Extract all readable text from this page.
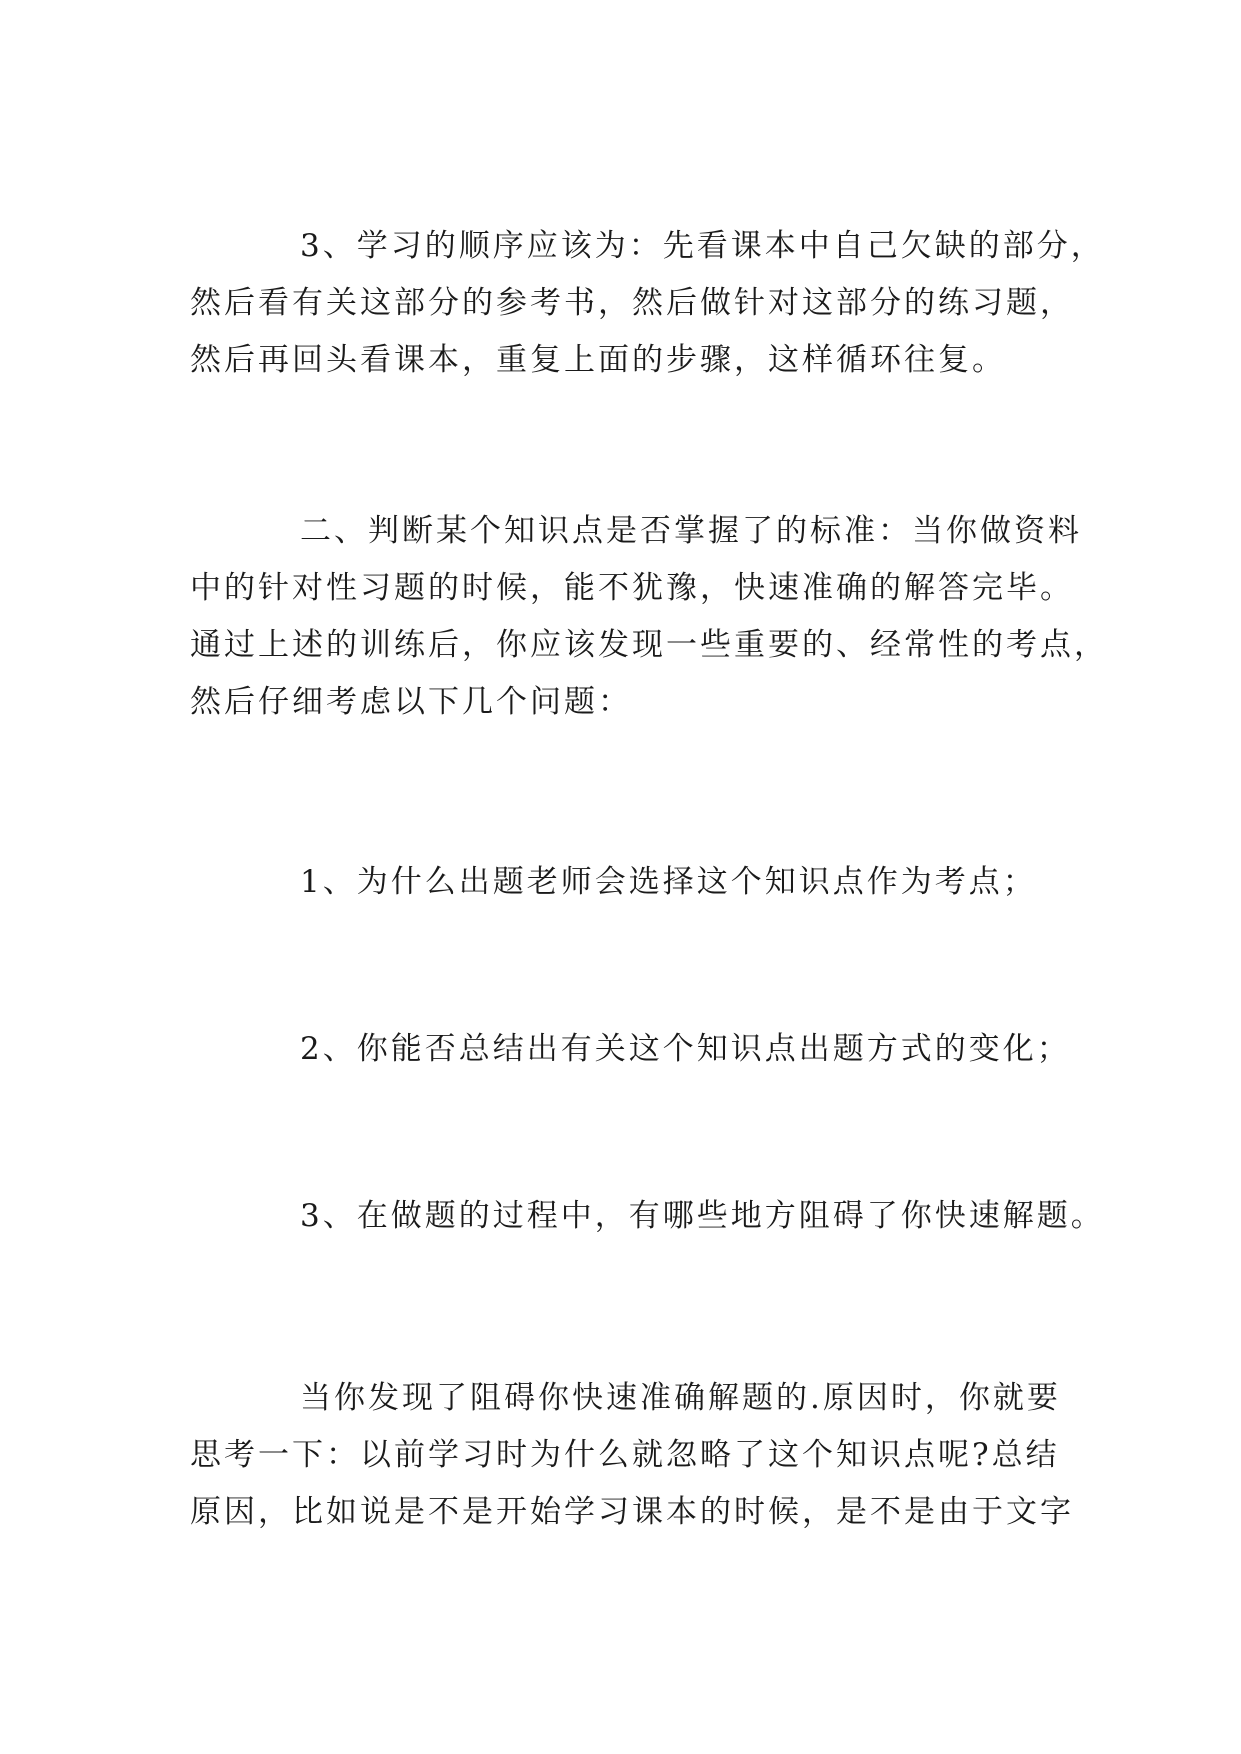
3、学习的顺序应该为：先看课本中自己欠缺的部分，
然后看有关这部分的参考书，然后做针对这部分的练习题，
然后再回头看课本，重复上面的步骤，这样循环往复。

二、判断某个知识点是否掌握了的标准：当你做资料
中的针对性习题的时候，能不犹豫，快速准确的解答完毕。
通过上述的训练后，你应该发现一些重要的、经常性的考点，
然后仔细考虑以下几个问题：

1、为什么出题老师会选择这个知识点作为考点；

2、你能否总结出有关这个知识点出题方式的变化；

3、在做题的过程中，有哪些地方阻碍了你快速解题。

当你发现了阻碍你快速准确解题的.原因时，你就要
思考一下：以前学习时为什么就忽略了这个知识点呢?总结
原因，比如说是不是开始学习课本的时候，是不是由于文字
